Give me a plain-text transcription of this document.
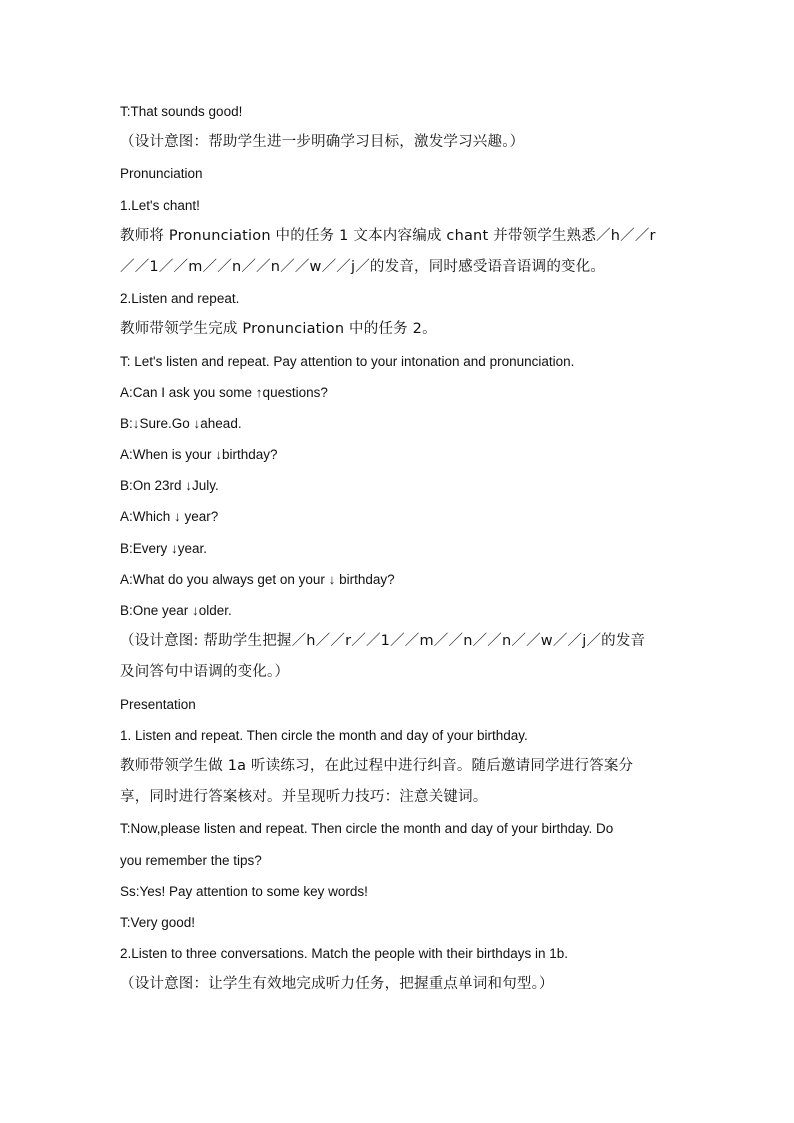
T:That sounds good!
（设计意图：帮助学生进一步明确学习目标，激发学习兴趣。）
Pronunciation
1.Let's chant!
教师将 Pronunciation 中的任务 1 文本内容编成 chant 并带领学生熟悉／h／／r
／／1／／m／／n／／n／／w／／j／的发音，同时感受语音语调的变化。
2.Listen and repeat.
教师带领学生完成 Pronunciation 中的任务 2。
T: Let's listen and repeat. Pay attention to your intonation and pronunciation.
A:Can I ask you some ↑questions?
B:↓Sure.Go ↓ahead.
A:When is your ↓birthday?
B:On 23rd ↓July.
A:Which ↓ year?
B:Every ↓year.
A:What do you always get on your ↓ birthday?
B:One year ↓older.
（设计意图: 帮助学生把握／h／／r／／1／／m／／n／／n／／w／／j／的发音
及问答句中语调的变化。）
Presentation
1. Listen and repeat. Then circle the month and day of your birthday.
教师带领学生做 1a 听读练习，在此过程中进行纠音。随后邀请同学进行答案分
享，同时进行答案核对。并呈现听力技巧：注意关键词。
T:Now,please listen and repeat. Then circle the month and day of your birthday. Do
you remember the tips?
Ss:Yes! Pay attention to some key words!
T:Very good!
2.Listen to three conversations. Match the people with their birthdays in 1b.
（设计意图：让学生有效地完成听力任务，把握重点单词和句型。）
